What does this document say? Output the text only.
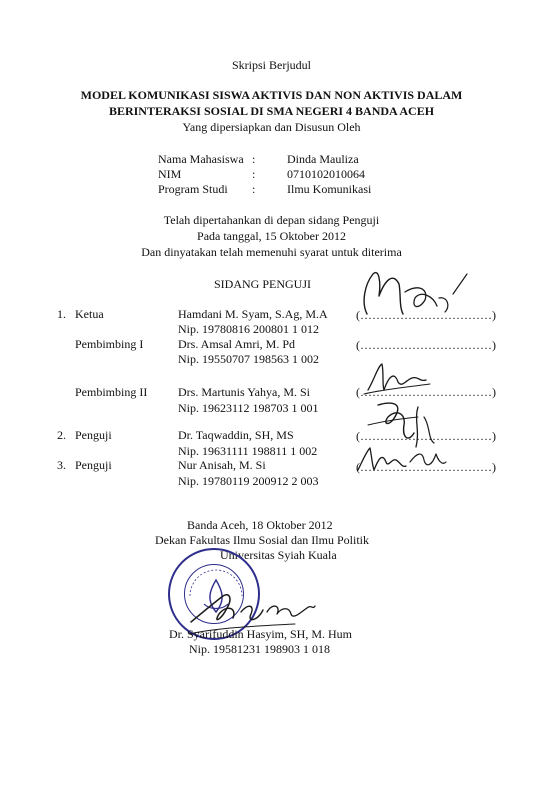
Skripsi Berjudul
MODEL KOMUNIKASI SISWA AKTIVIS DAN NON AKTIVIS DALAM
BERINTERAKSI SOSIAL DI SMA NEGERI 4 BANDA ACEH
Yang dipersiapkan dan Disusun Oleh
Nama Mahasiswa :	Dinda Mauliza
NIM	:	0710102010064
Program Studi :	Ilmu Komunikasi
Telah dipertahankan di depan sidang Penguji
Pada tanggal, 15 Oktober 2012
Dan dinyatakan telah memenuhi syarat untuk diterima
SIDANG PENGUJI
1. Ketua	Hamdani M. Syam, S.Ag, M.A
Nip. 19780816 200801 1 012
(……………………………)
Pembimbing I	Drs. Amsal Amri, M. Pd
Nip. 19550707 198563 1 002
(……………………………)
Pembimbing II	Drs. Martunis Yahya, M. Si
Nip. 19623112 198703 1 001
(……………………………)
2. Penguji	Dr. Taqwaddin, SH, MS
Nip. 19631111 198811 1 002
(……………………………)
3. Penguji	Nur Anisah, M. Si
Nip. 19780119 200912 2 003
(……………………………)
Banda Aceh, 18 Oktober 2012
Dekan Fakultas Ilmu Sosial dan Ilmu Politik
Universitas Syiah Kuala
Dr. Syarifuddin Hasyim, SH, M. Hum
Nip. 19581231 198903 1 018
